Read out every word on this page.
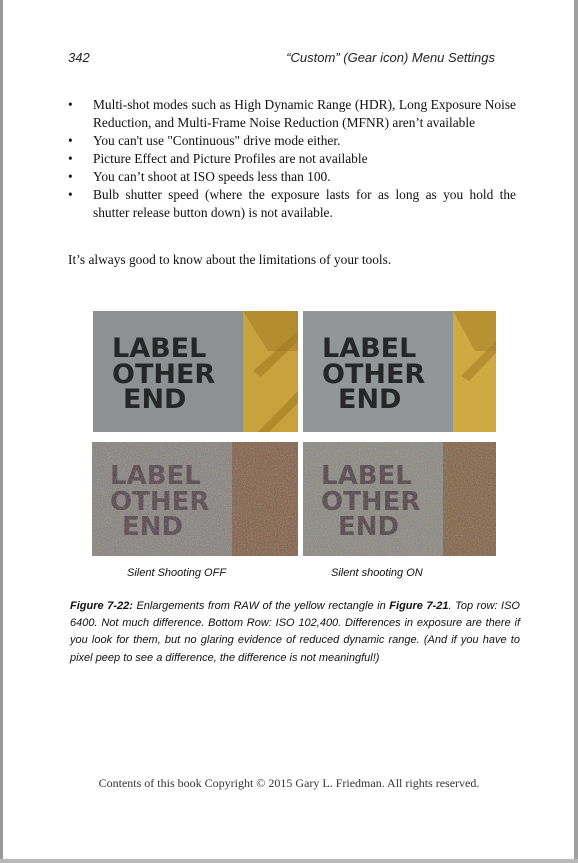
342	“Custom” (Gear icon) Menu Settings
• Multi-shot modes such as High Dynamic Range (HDR), Long Exposure Noise Reduction, and Multi-Frame Noise Reduction (MFNR) aren’t available
• You can't use "Continuous" drive mode either.
• Picture Effect and Picture Profiles are not available
• You can’t shoot at ISO speeds less than 100.
• Bulb shutter speed (where the exposure lasts for as long as you hold the shutter release button down) is not available.

It’s always good to know about the limitations of your tools.

LABEL
OTHER
END
LABEL
OTHER
END
Silent Shooting OFF	Silent shooting ON

Figure 7-22: Enlargements from RAW of the yellow rectangle in Figure 7-21. Top row: ISO 6400. Not much difference. Bottom Row: ISO 102,400. Differences in exposure are there if you look for them, but no glaring evidence of reduced dynamic range. (And if you have to pixel peep to see a difference, the difference is not meaningful!)

Contents of this book Copyright © 2015 Gary L. Friedman. All rights reserved.
